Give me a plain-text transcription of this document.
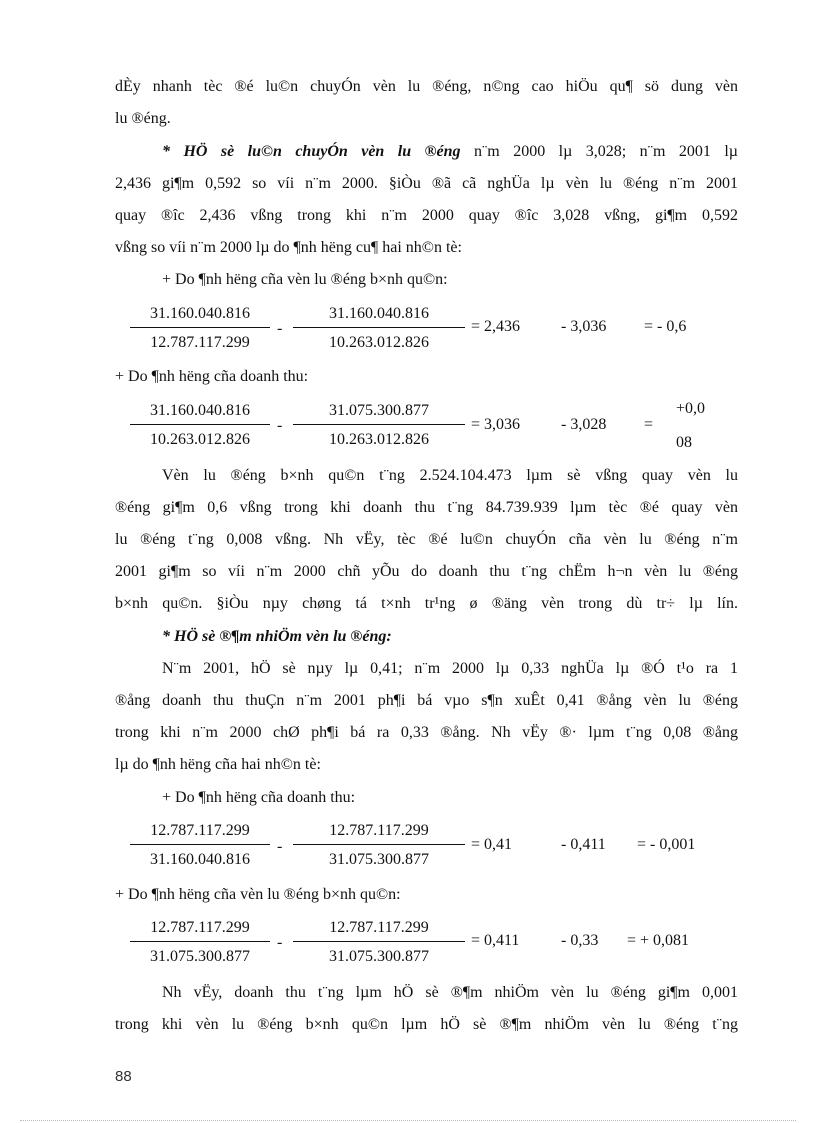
dÈy nhanh tèc ®é lu©n chuyÓn vèn lu ®éng, n©ng cao hiÖu qu¶ sö dung vèn
lu ®éng.
* HÖ sè lu©n chuyÓn vèn lu ®éng n¨m 2000 lµ 3,028; n¨m 2001 lµ
2,436 gi¶m 0,592 so víi n¨m 2000. §iÒu ®ã cã nghÜa lµ vèn lu ®éng n¨m 2001
quay ®îc 2,436 vßng trong khi n¨m 2000 quay ®îc 3,028 vßng, gi¶m 0,592
vßng so víi n¨m 2000 lµ do ¶nh hëng cu¶ hai nh©n tè:
+ Do ¶nh hëng cña vèn lu ®éng b×nh qu©n:
31.160.040.816
12.787.117.299
-
31.160.040.816
10.263.012.826
= 2,436	- 3,036 = - 0,6
+ Do ¶nh hëng cña doanh thu:
31.160.040.816
10.263.012.826
-
31.075.300.877
10.263.012.826
= 3,036	- 3,028 =
+0,0
08
Vèn lu ®éng b×nh qu©n t¨ng 2.524.104.473 lµm sè vßng quay vèn lu
®éng gi¶m 0,6 vßng trong khi doanh thu t¨ng 84.739.939 lµm tèc ®é quay vèn
lu ®éng t¨ng 0,008 vßng. Nh vËy, tèc ®é lu©n chuyÓn cña vèn lu ®éng n¨m
2001 gi¶m so víi n¨m 2000 chñ yÕu do doanh thu t¨ng chËm h¬n vèn lu ®éng
b×nh qu©n. §iÒu nµy chøng tá t×nh tr¹ng ø ®äng vèn trong dù tr÷ lµ lín.
* HÖ sè ®¶m nhiÖm vèn lu ®éng:
N¨m 2001, hÖ sè nµy lµ 0,41; n¨m 2000 lµ 0,33 nghÜa lµ ®Ó t¹o ra 1
®ång doanh thu thuÇn n¨m 2001 ph¶i bá vµo s¶n xuÊt 0,41 ®ång vèn lu ®éng
trong khi n¨m 2000 chØ ph¶i bá ra 0,33 ®ång. Nh vËy ®· lµm t¨ng 0,08 ®ång
lµ do ¶nh hëng cña hai nh©n tè:
+ Do ¶nh hëng cña doanh thu:
12.787.117.299
31.160.040.816
-
12.787.117.299
31.075.300.877
= 0,41	- 0,411 = - 0,001
+ Do ¶nh hëng cña vèn lu ®éng b×nh qu©n:
12.787.117.299
31.075.300.877
-
12.787.117.299
31.075.300.877
= 0,411	- 0,33 = + 0,081
Nh vËy, doanh thu t¨ng lµm hÖ sè ®¶m nhiÖm vèn lu ®éng gi¶m 0,001
trong khi vèn lu ®éng b×nh qu©n lµm hÖ sè ®¶m nhiÖm vèn lu ®éng t¨ng
88
